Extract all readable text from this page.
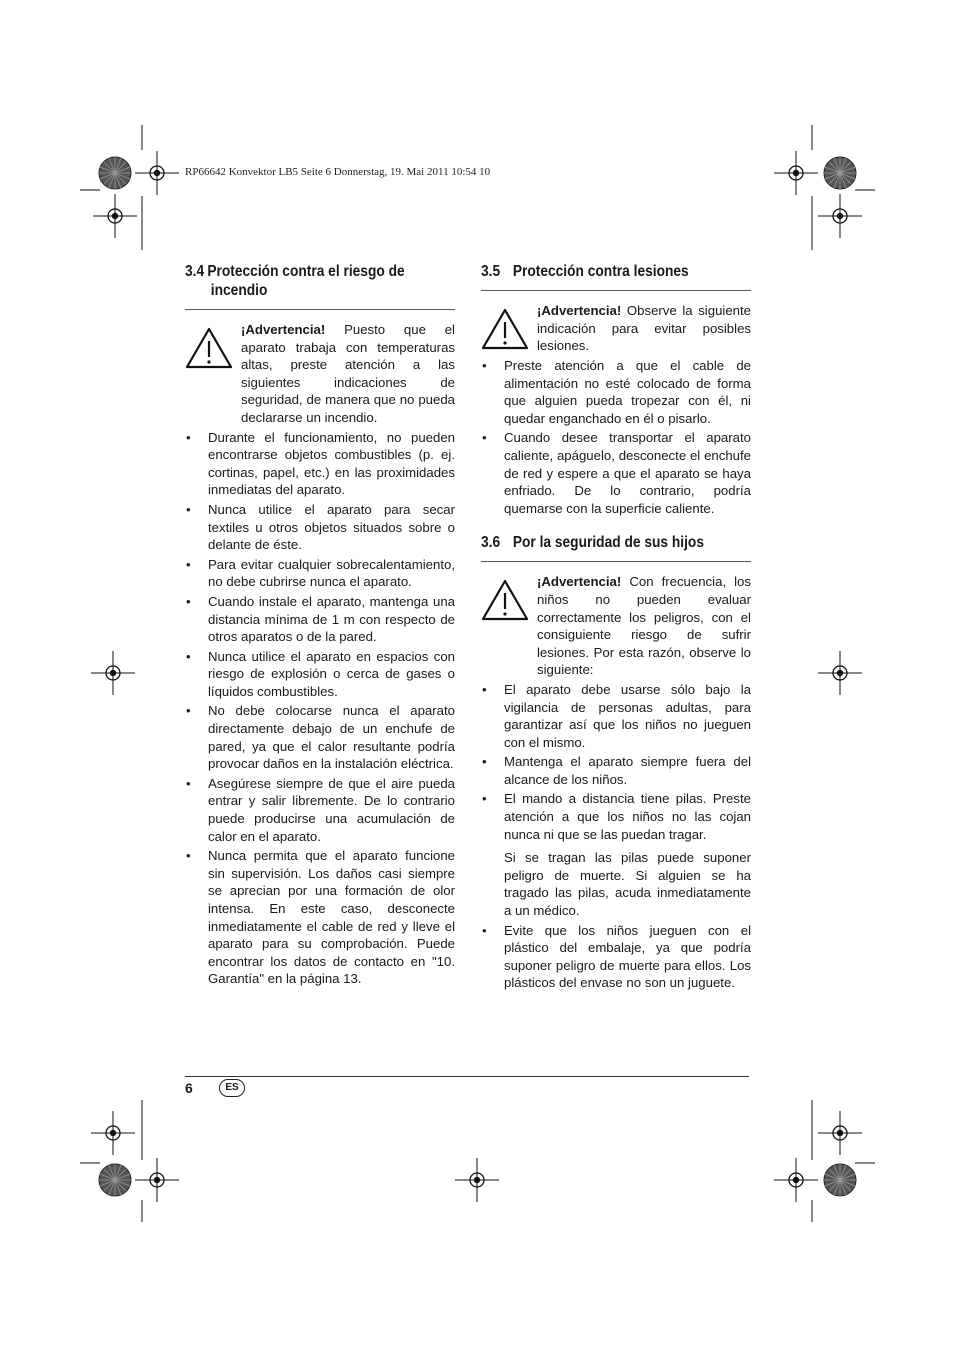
RP66642 Konvektor LB5 Seite 6 Donnerstag, 19. Mai 2011 10:54 10
3.4 Protección contra el riesgo de
incendio

¡Advertencia! Puesto que el aparato trabaja con temperaturas altas, preste atención a las siguientes indicaciones de seguridad, de manera que no pueda declararse un incendio.

• Durante el funcionamiento, no pueden encontrarse objetos combustibles (p. ej. cortinas, papel, etc.) en las proximidades inmediatas del aparato.
• Nunca utilice el aparato para secar textiles u otros objetos situados sobre o delante de éste.
• Para evitar cualquier sobrecalentamiento, no debe cubrirse nunca el aparato.
• Cuando instale el aparato, mantenga una distancia mínima de 1 m con respecto de otros aparatos o de la pared.
• Nunca utilice el aparato en espacios con riesgo de explosión o cerca de gases o líquidos combustibles.
• No debe colocarse nunca el aparato directamente debajo de un enchufe de pared, ya que el calor resultante podría provocar daños en la instalación eléctrica.
• Asegúrese siempre de que el aire pueda entrar y salir libremente. De lo contrario puede producirse una acumulación de calor en el aparato.
• Nunca permita que el aparato funcione sin supervisión. Los daños casi siempre se aprecian por una formación de olor intensa. En este caso, desconecte inmediatamente el cable de red y lleve el aparato para su comprobación. Puede encontrar los datos de contacto en "10. Garantía" en la página 13.
3.5 Protección contra lesiones

¡Advertencia! Observe la siguiente indicación para evitar posibles lesiones.

• Preste atención a que el cable de alimentación no esté colocado de forma que alguien pueda tropezar con él, ni quedar enganchado en él o pisarlo.
• Cuando desee transportar el aparato caliente, apáguelo, desconecte el enchufe de red y espere a que el aparato se haya enfriado. De lo contrario, podría quemarse con la superficie caliente.
3.6 Por la seguridad de sus hijos

¡Advertencia! Con frecuencia, los niños no pueden evaluar correctamente los peligros, con el consiguiente riesgo de sufrir lesiones. Por esta razón, observe lo siguiente:

• El aparato debe usarse sólo bajo la vigilancia de personas adultas, para garantizar así que los niños no jueguen con el mismo.
• Mantenga el aparato siempre fuera del alcance de los niños.
• El mando a distancia tiene pilas. Preste atención a que los niños no las cojan nunca ni que se las puedan tragar.

Si se tragan las pilas puede suponer peligro de muerte. Si alguien se ha tragado las pilas, acuda inmediatamente a un médico.

• Evite que los niños jueguen con el plástico del embalaje, ya que podría suponer peligro de muerte para ellos. Los plásticos del envase no son un juguete.
6	ES
